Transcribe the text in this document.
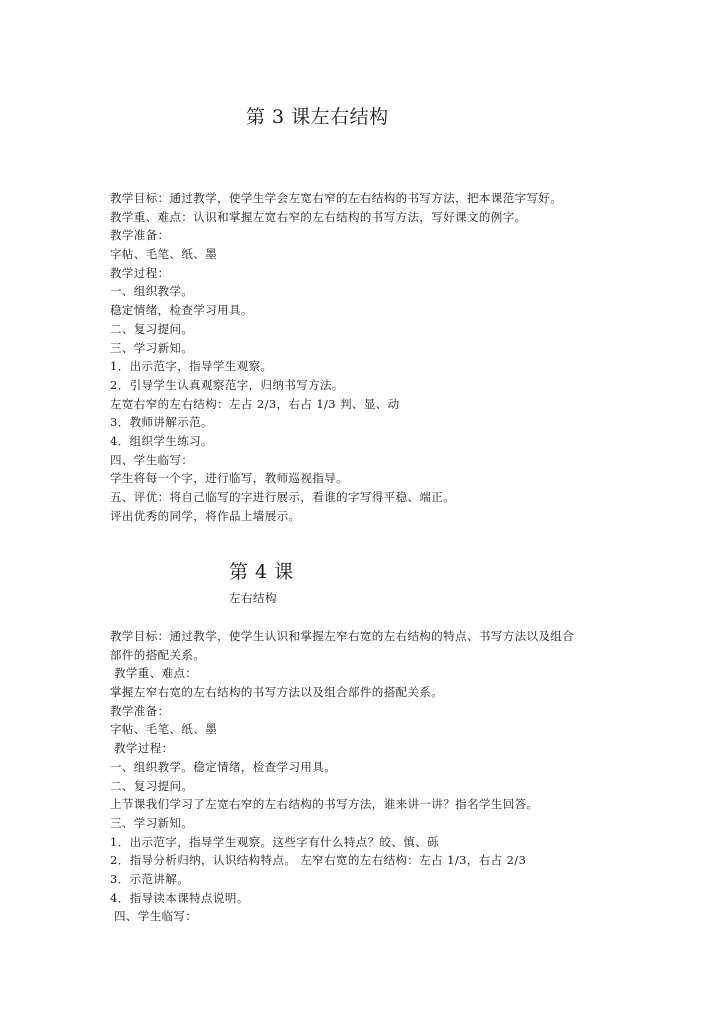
第 3 课左右结构
教学目标：通过教学，使学生学会左宽右窄的左右结构的书写方法，把本课范字写好。
教学重、难点：认识和掌握左宽右窄的左右结构的书写方法，写好课文的例字。
教学准备：
字帖、毛笔、纸、墨
教学过程：
一、组织教学。
稳定情绪，检查学习用具。
二、复习提问。
三、学习新知。
1．出示范字，指导学生观察。
2．引导学生认真观察范字，归纳书写方法。
左宽右窄的左右结构：左占 2/3，右占 1/3 判、显、动
3．教师讲解示范。
4．组织学生练习。
四、学生临写：
学生将每一个字，进行临写，教师巡视指导。
五、评优：将自己临写的字进行展示，看谁的字写得平稳、端正。
评出优秀的同学，将作品上墙展示。
第 4 课
左右结构
教学目标：通过教学，使学生认识和掌握左窄右宽的左右结构的特点、书写方法以及组合
部件的搭配关系。
教学重、难点：
掌握左窄右宽的左右结构的书写方法以及组合部件的搭配关系。
教学准备：
字帖、毛笔、纸、墨
教学过程：
一、组织教学。稳定情绪，检查学习用具。
二、复习提问。
上节课我们学习了左宽右窄的左右结构的书写方法，谁来讲一讲？指名学生回答。
三、学习新知。
1．出示范字，指导学生观察。这些字有什么特点？皎、慎、砾
2．指导分析归纳，认识结构特点。 左窄右宽的左右结构：左占 1/3，右占 2/3
3．示范讲解。
4．指导读本课特点说明。
四、学生临写：
